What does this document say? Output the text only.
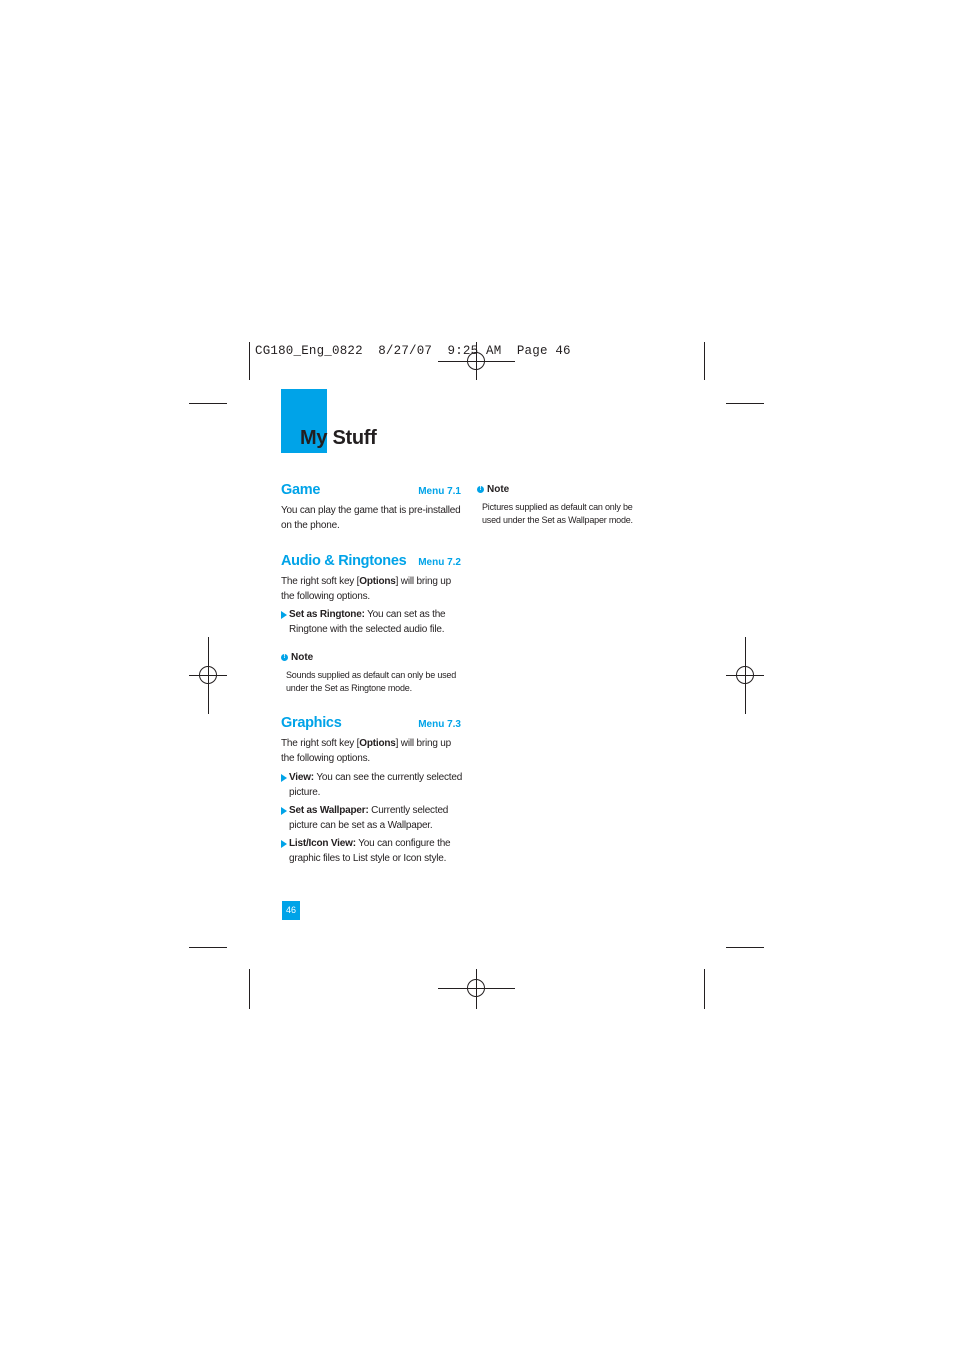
CG180_Eng_0822  8/27/07  9:25 AM  Page 46
My Stuff
Game	Menu 7.1
You can play the game that is pre-installed on the phone.
Audio & Ringtones Menu 7.2
The right soft key [Options] will bring up the following options.
Set as Ringtone: You can set as the Ringtone with the selected audio file.
! Note
Sounds supplied as default can only be used under the Set as Ringtone mode.
Graphics	Menu 7.3
The right soft key [Options] will bring up the following options.
View: You can see the currently selected picture.
Set as Wallpaper: Currently selected picture can be set as a Wallpaper.
List/Icon View: You can configure the graphic files to List style or Icon style.
! Note
Pictures supplied as default can only be used under the Set as Wallpaper mode.
46
